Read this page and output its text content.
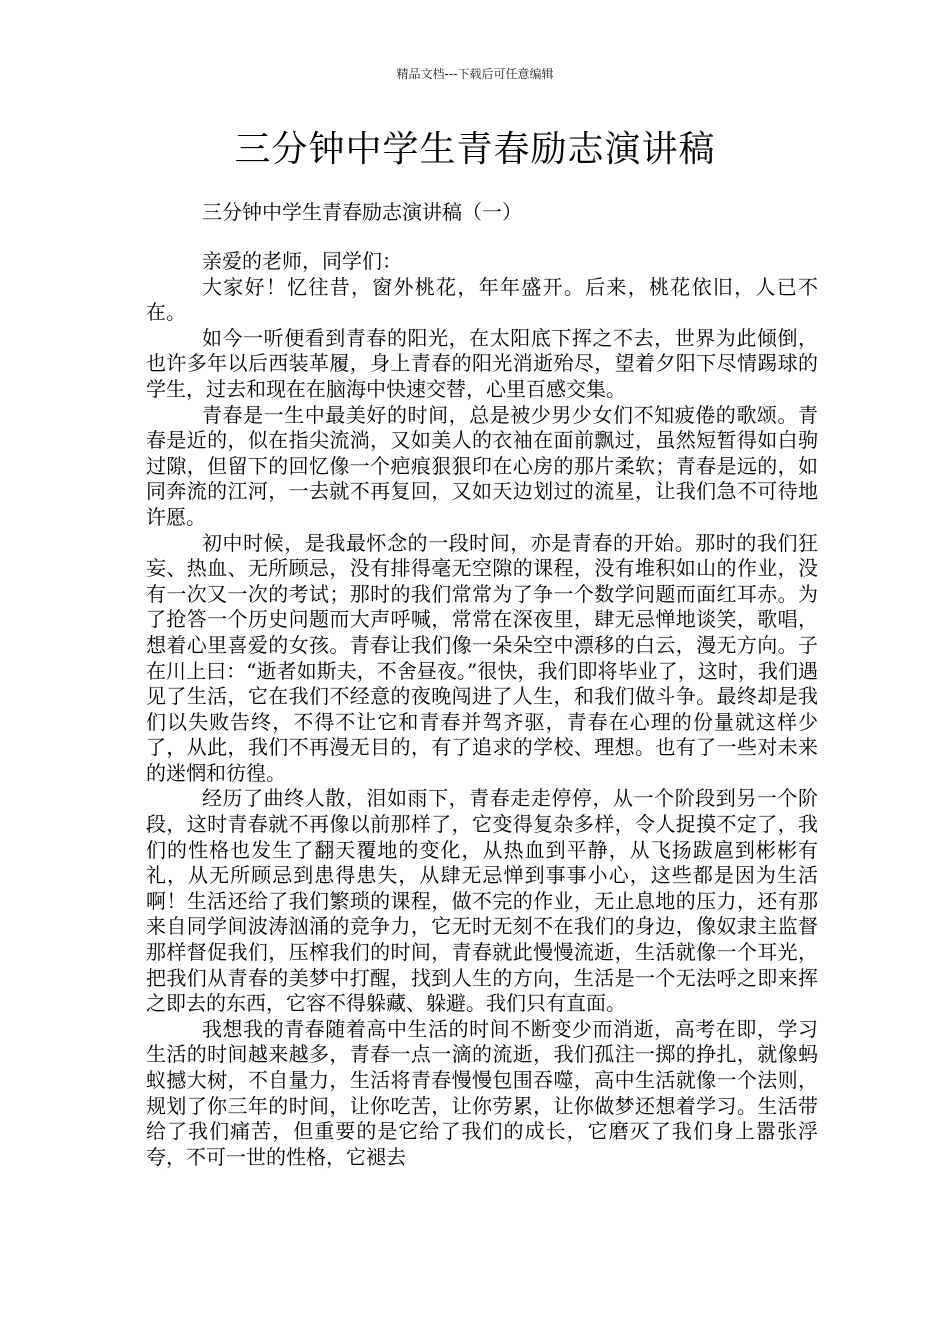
精品文档---下载后可任意编辑
三分钟中学生青春励志演讲稿
三分钟中学生青春励志演讲稿（一）

亲爱的老师，同学们：

大家好！忆往昔，窗外桃花，年年盛开。后来，桃花依旧，人已不在。

如今一听便看到青春的阳光，在太阳底下挥之不去，世界为此倾倒，也许多年以后西装革履，身上青春的阳光消逝殆尽，望着夕阳下尽情踢球的学生，过去和现在在脑海中快速交替，心里百感交集。

青春是一生中最美好的时间，总是被少男少女们不知疲倦的歌颂。青春是近的，似在指尖流淌，又如美人的衣袖在面前飘过，虽然短暂得如白驹过隙，但留下的回忆像一个疤痕狠狠印在心房的那片柔软；青春是远的，如同奔流的江河，一去就不再复回，又如天边划过的流星，让我们急不可待地许愿。

初中时候，是我最怀念的一段时间，亦是青春的开始。那时的我们狂妄、热血、无所顾忌，没有排得毫无空隙的课程，没有堆积如山的作业，没有一次又一次的考试；那时的我们常常为了争一个数学问题而面红耳赤。为了抢答一个历史问题而大声呼喊，常常在深夜里，肆无忌惮地谈笑，歌唱，想着心里喜爱的女孩。青春让我们像一朵朵空中漂移的白云，漫无方向。子在川上曰：“逝者如斯夫，不舍昼夜。”很快，我们即将毕业了，这时，我们遇见了生活，它在我们不经意的夜晚闯进了人生，和我们做斗争。最终却是我们以失败告终，不得不让它和青春并驾齐驱，青春在心理的份量就这样少了，从此，我们不再漫无目的，有了追求的学校、理想。也有了一些对未来的迷惘和彷徨。

经历了曲终人散，泪如雨下，青春走走停停，从一个阶段到另一个阶段，这时青春就不再像以前那样了，它变得复杂多样，令人捉摸不定了，我们的性格也发生了翻天覆地的变化，从热血到平静，从飞扬跋扈到彬彬有礼，从无所顾忌到患得患失，从肆无忌惮到事事小心，这些都是因为生活啊！生活还给了我们繁琐的课程，做不完的作业，无止息地的压力，还有那来自同学间波涛汹涌的竞争力，它无时无刻不在我们的身边，像奴隶主监督那样督促我们，压榨我们的时间，青春就此慢慢流逝，生活就像一个耳光，把我们从青春的美梦中打醒，找到人生的方向，生活是一个无法呼之即来挥之即去的东西，它容不得躲藏、躲避。我们只有直面。

我想我的青春随着高中生活的时间不断变少而消逝，高考在即，学习生活的时间越来越多，青春一点一滴的流逝，我们孤注一掷的挣扎，就像蚂蚁撼大树，不自量力，生活将青春慢慢包围吞噬，高中生活就像一个法则，规划了你三年的时间，让你吃苦，让你劳累，让你做梦还想着学习。生活带给了我们痛苦，但重要的是它给了我们的成长，它磨灭了我们身上嚣张浮夸，不可一世的性格，它褪去
